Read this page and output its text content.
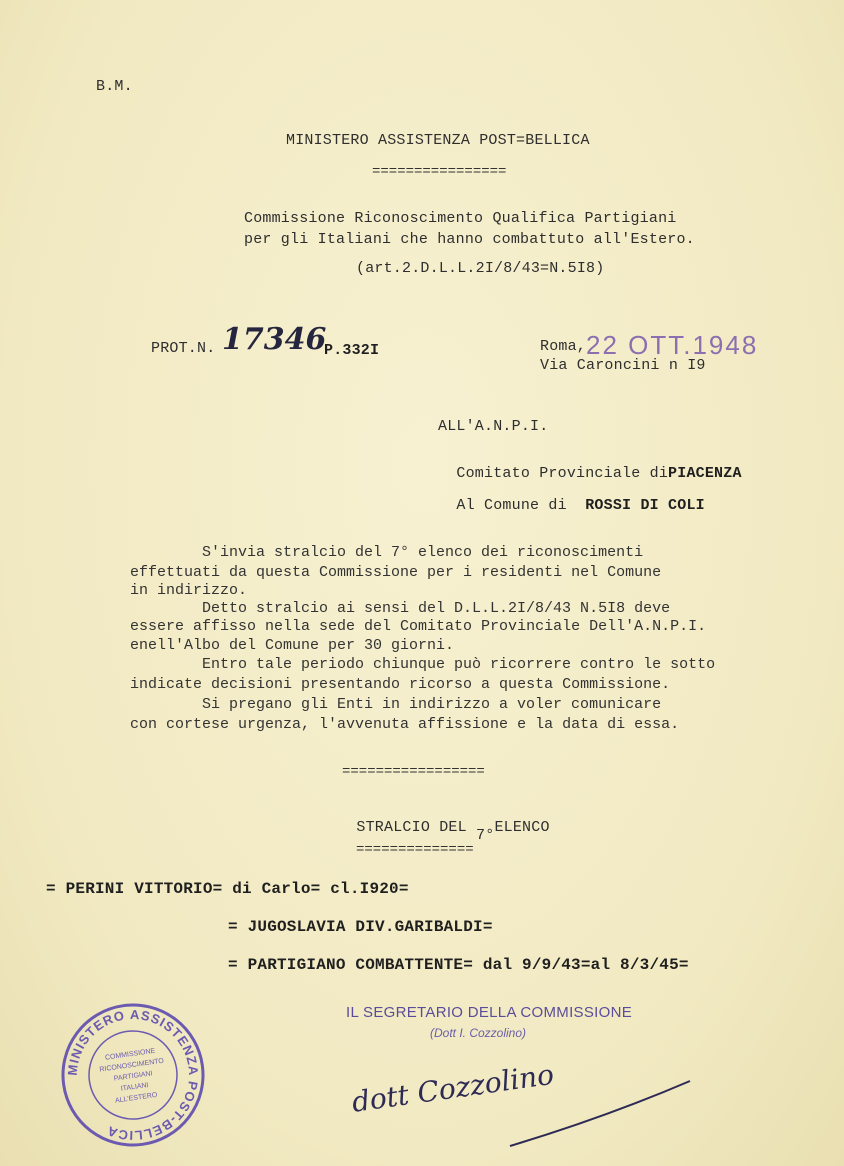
B.M.
MINISTERO ASSISTENZA POST=BELLICA
================
Commissione Riconoscimento Qualifica Partigiani
per gli Italiani che hanno combattuto all'Estero.
(art.2.D.L.L.2I/8/43=N.5I8)
PROT.N. 17346
P.332I	Roma, 22 OTT.1948
Via Caroncini n I9
ALL'A.N.P.I.

Comitato Provinciale diPIACENZA

Al Comune di ROSSI DI COLI

S'invia stralcio del 7° elenco dei riconoscimenti
effettuati da questa Commissione per i residenti nel Comune
in indirizzo.
Detto stralcio ai sensi del D.L.L.2I/8/43 N.5I8 deve
essere affisso nella sede del Comitato Provinciale Dell'A.N.P.I.
enell'Albo del Comune per 30 giorni.
Entro tale periodo chiunque può ricorrere contro le sotto
indicate decisioni presentando ricorso a questa Commissione.
Si pregano gli Enti in indirizzo a voler comunicare
con cortese urgenza, l'avvenuta affissione e la data di essa.
=================

STRALCIO DEL 7°ELENCO

==============
= PERINI VITTORIO= di Carlo= cl.I920=
= JUGOSLAVIA DIV.GARIBALDI=
= PARTIGIANO COMBATTENTE= dal 9/9/43=al 8/3/45=
IL SEGRETARIO DELLA COMMISSIONE
(Dott I. Cozzolino)
dott Cozzolino
MINISTERO ASSISTENZA POST-BELLICA
COMMISSIONE
RICONOSCIMENTO
PARTIGIANI
ITALIANI
ALL'ESTERO
